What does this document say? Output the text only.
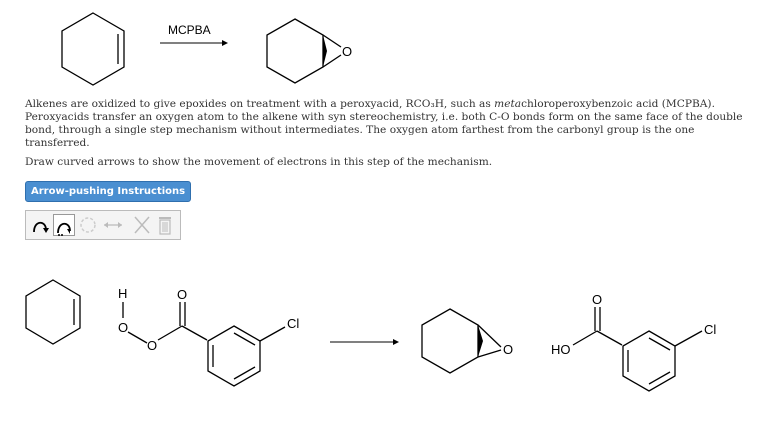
MCPBA
O
Alkenes are oxidized to give epoxides on treatment with a peroxyacid, RCO₃H, such as metachloroperoxybenzoic acid (MCPBA). Peroxyacids transfer an oxygen atom to the alkene with syn stereochemistry, i.e. both C-O bonds form on the same face of the double bond, through a single step mechanism without intermediates. The oxygen atom farthest from the carbonyl group is the one transferred.
Draw curved arrows to show the movement of electrons in this step of the mechanism.
Arrow-pushing Instructions
H
O
O
O
Cl
O	HO
O
Cl
